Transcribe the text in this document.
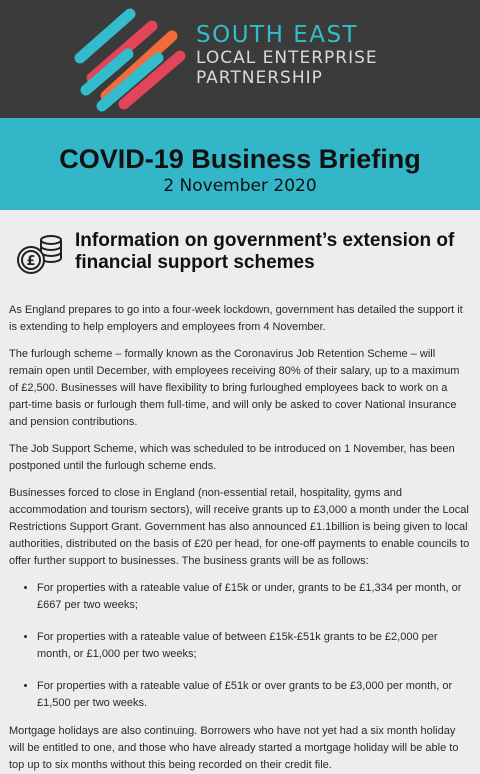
SOUTH EAST
LOCAL ENTERPRISE
PARTNERSHIP
COVID-19 Business Briefing
2 November 2020
£
Information on government’s extension of financial support schemes

As England prepares to go into a four-week lockdown, government has detailed the support it is extending to help employers and employees from 4 November.

The furlough scheme – formally known as the Coronavirus Job Retention Scheme – will remain open until December, with employees receiving 80% of their salary, up to a maximum of £2,500. Businesses will have flexibility to bring furloughed employees back to work on a part-time basis or furlough them full-time, and will only be asked to cover National Insurance and pension contributions.

The Job Support Scheme, which was scheduled to be introduced on 1 November, has been postponed until the furlough scheme ends.

Businesses forced to close in England (non-essential retail, hospitality, gyms and accommodation and tourism sectors), will receive grants up to £3,000 a month under the Local Restrictions Support Grant. Government has also announced £1.1billion is being given to local authorities, distributed on the basis of £20 per head, for one-off payments to enable councils to offer further support to businesses. The business grants will be as follows:

• For properties with a rateable value of £15k or under, grants to be £1,334 per month, or £667 per two weeks;
• For properties with a rateable value of between £15k-£51k grants to be £2,000 per month, or £1,000 per two weeks;
• For properties with a rateable value of £51k or over grants to be £3,000 per month, or £1,500 per two weeks.

Mortgage holidays are also continuing. Borrowers who have not yet had a six month holiday will be entitled to one, and those who have already started a mortgage holiday will be able to top up to six months without this being recorded on their credit file.
